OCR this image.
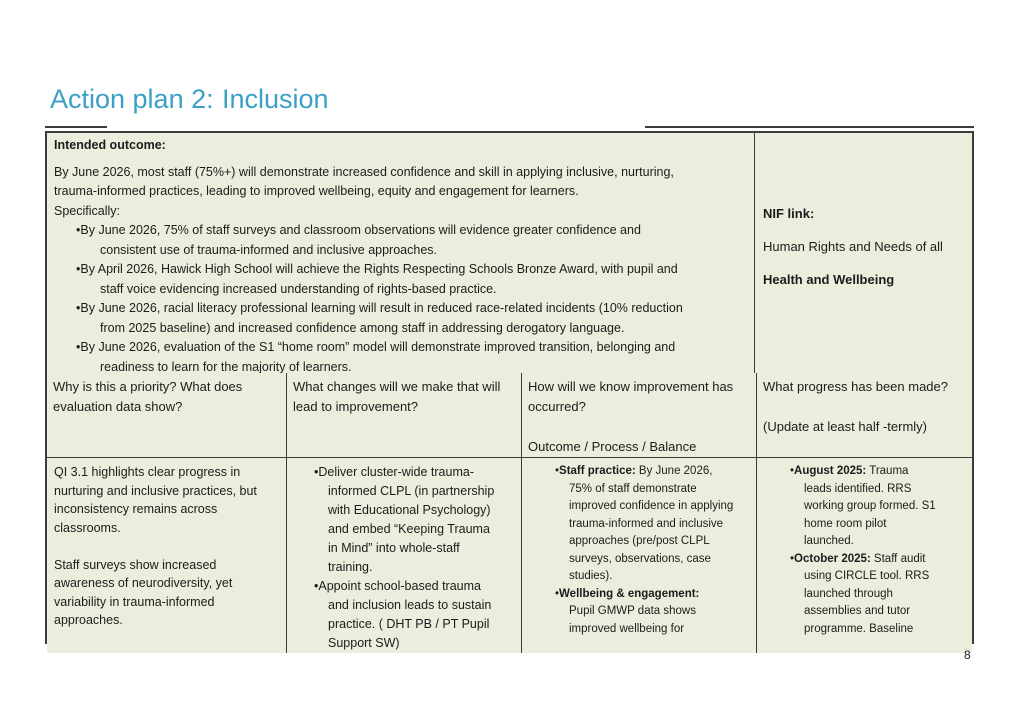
Action plan 2: Inclusion
Intended outcome:
By June 2026, most staff (75%+) will demonstrate increased confidence and skill in applying inclusive, nurturing,
trauma-informed practices, leading to improved wellbeing, equity and engagement for learners.
Specifically:
• By June 2026, 75% of staff surveys and classroom observations will evidence greater confidence and
consistent use of trauma-informed and inclusive approaches.
• By April 2026, Hawick High School will achieve the Rights Respecting Schools Bronze Award, with pupil and
staff voice evidencing increased understanding of rights-based practice.
• By June 2026, racial literacy professional learning will result in reduced race-related incidents (10% reduction
from 2025 baseline) and increased confidence among staff in addressing derogatory language.
• By June 2026, evaluation of the S1 “home room” model will demonstrate improved transition, belonging and
readiness to learn for the majority of learners.
NIF link:
Human Rights and Needs of all
Health and Wellbeing
Why is this a priority? What does
evaluation data show?
What changes will we make that will
lead to improvement?
How will we know improvement has
occurred?
Outcome / Process / Balance
What progress has been made?
(Update at least half -termly)
QI 3.1 highlights clear progress in
nurturing and inclusive practices, but
inconsistency remains across
classrooms.
Staff surveys show increased
awareness of neurodiversity, yet
variability in trauma-informed
approaches.
• Deliver cluster-wide trauma-
informed CLPL (in partnership
with Educational Psychology)
and embed “Keeping Trauma
in Mind” into whole-staff
training.
• Appoint school-based trauma
and inclusion leads to sustain
practice. ( DHT PB / PT Pupil
Support SW)
• Staff practice: By June 2026,
75% of staff demonstrate
improved confidence in applying
trauma-informed and inclusive
approaches (pre/post CLPL
surveys, observations, case
studies).
• Wellbeing & engagement:
Pupil GMWP data shows
improved wellbeing for
• August 2025: Trauma
leads identified. RRS
working group formed. S1
home room pilot
launched.
• October 2025: Staff audit
using CIRCLE tool. RRS
launched through
assemblies and tutor
programme. Baseline
8
